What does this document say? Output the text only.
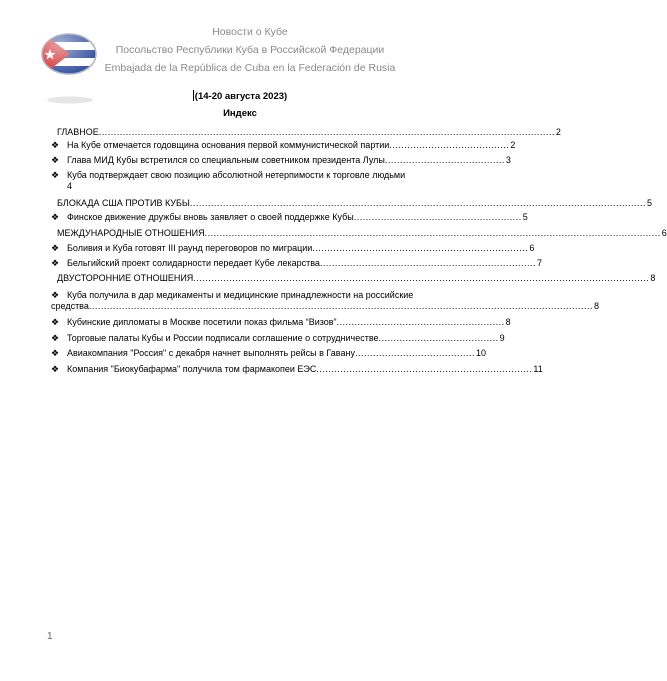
Новости о Кубе
Посольство Республики Куба в Российской Федерации
Embajada de la República de Cuba en la Federación de Rusia
(14-20 августа 2023)
Индекс
ГЛАВНОЕ ........................................................................................................................................................ 2
❖ На Кубе отмечается годовщина основания первой коммунистической партии ........................................ 2
❖ Глава МИД Кубы встретился со специальным советником президента Лулы ........................................ 3
❖ Куба подтверждает свою позицию абсолютной нетерпимости к торговле людьми
4
БЛОКАДА США ПРОТИВ КУБЫ ........................................................................................................................................................ 5
❖ Финское движение дружбы вновь заявляет о своей поддержке Кубы ........................................................ 5
МЕЖДУНАРОДНЫЕ ОТНОШЕНИЯ ........................................................................................................................................................ 6
❖ Боливия и Куба готовят III раунд переговоров по миграции ........................................................................ 6
❖ Бельгийский проект солидарности передает Кубе лекарства ........................................................................ 7
ДВУСТОРОННИЕ ОТНОШЕНИЯ ........................................................................................................................................................ 8
❖ Куба получила в дар медикаменты и медицинские принадлежности на российские
средства ........................................................................................................................................................................ 8
❖ Кубинские дипломаты в Москве посетили показ фильма “Визов” ........................................................ 8
❖ Торговые палаты Кубы и России подписали соглашение о сотрудничестве ........................................ 9
❖ Авиакомпания "Россия" с декабря начнет выполнять рейсы в Гавану ........................................ 10
❖ Компания "Биокубафарма" получила том фармакопеи ЕЭС ........................................................................ 11
1
